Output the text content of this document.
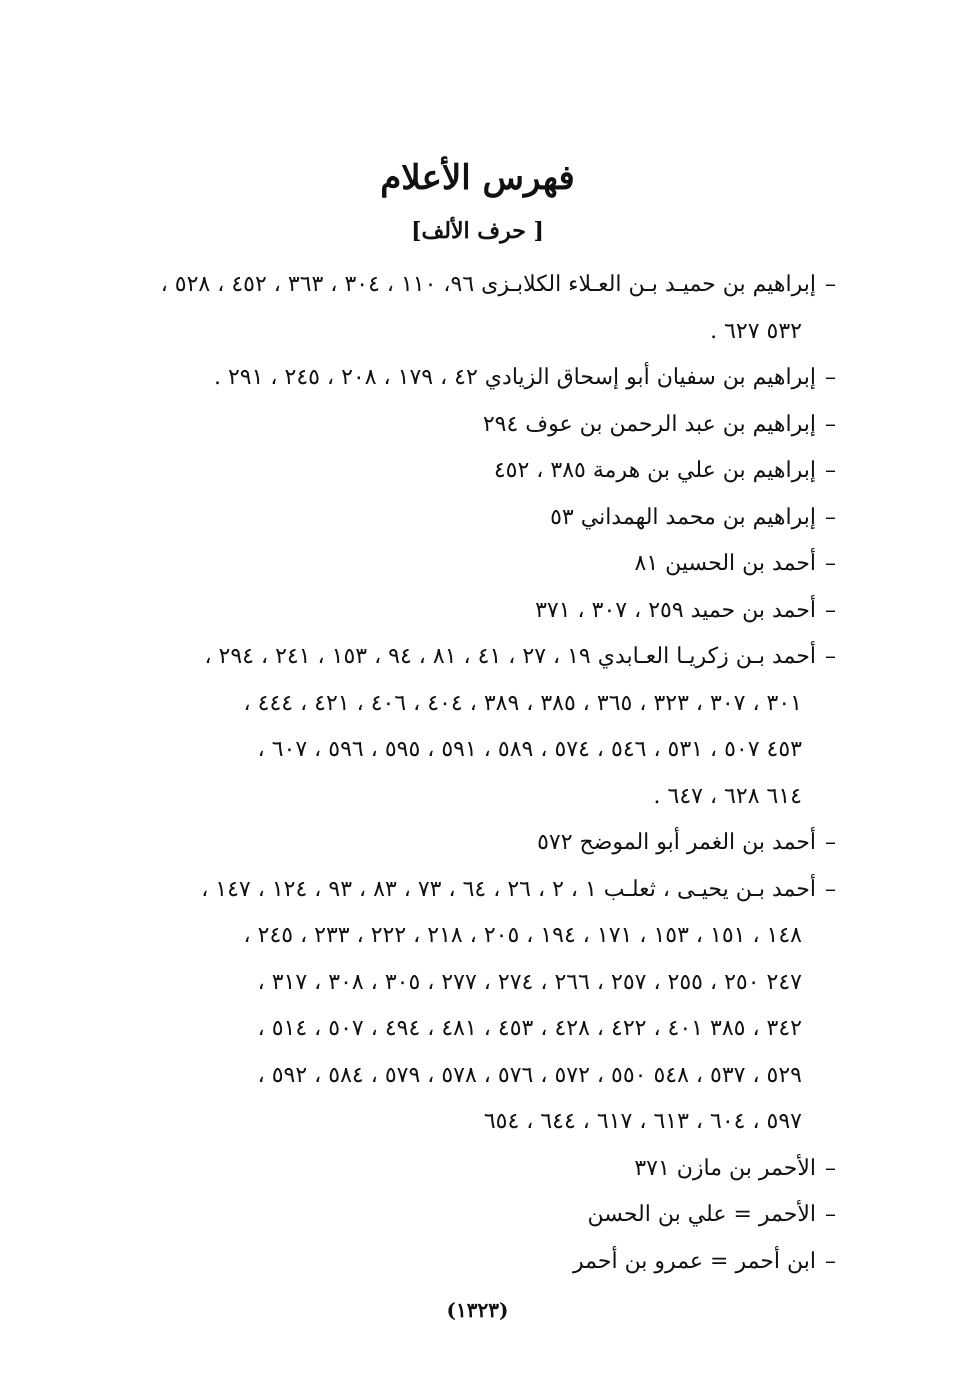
فهرس الأعلام
[ حرف الألف]
–
إبراهيم بن حميـد بـن العـلاء الكلابـزى ٩٦، ١١٠ ، ٣٠٤ ، ٣٦٣ ، ٤٥٢ ، ٥٢٨ ،
٥٣٢ ٦٢٧ .
–
إبراهيم بن سفيان أبو إسحاق الزيادي ٤٢ ، ١٧٩ ، ٢٠٨ ، ٢٤٥ ، ٢٩١ .
–
إبراهيم بن عبد الرحمن بن عوف ٢٩٤
–
إبراهيم بن علي بن هرمة ٣٨٥ ، ٤٥٢
–
إبراهيم بن محمد الهمداني ٥٣
–
أحمد بن الحسين ٨١
–
أحمد بن حميد ٢٥٩ ، ٣٠٧ ، ٣٧١
–
أحمد بـن زكريـا العـابدي ١٩ ، ٢٧ ، ٤١ ، ٨١ ، ٩٤ ، ١٥٣ ، ٢٤١ ، ٢٩٤ ،
٣٠١ ، ٣٠٧ ، ٣٢٣ ، ٣٦٥ ، ٣٨٥ ، ٣٨٩ ، ٤٠٤ ، ٤٠٦ ، ٤٢١ ، ٤٤٤ ،
٤٥٣ ٥٠٧ ، ٥٣١ ، ٥٤٦ ، ٥٧٤ ، ٥٨٩ ، ٥٩١ ، ٥٩٥ ، ٥٩٦ ، ٦٠٧ ،
٦١٤ ٦٢٨ ، ٦٤٧ .
–
أحمد بن الغمر أبو الموضح ٥٧٢
–
أحمد بـن يحيـى ، ثعلـب ١ ، ٢ ، ٢٦ ، ٦٤ ، ٧٣ ، ٨٣ ، ٩٣ ، ١٢٤ ، ١٤٧ ،
١٤٨ ، ١٥١ ، ١٥٣ ، ١٧١ ، ١٩٤ ، ٢٠٥ ، ٢١٨ ، ٢٢٢ ، ٢٣٣ ، ٢٤٥ ،
٢٤٧ ٢٥٠ ، ٢٥٥ ، ٢٥٧ ، ٢٦٦ ، ٢٧٤ ، ٢٧٧ ، ٣٠٥ ، ٣٠٨ ، ٣١٧ ،
٣٤٢ ، ٣٨٥ ٤٠١ ، ٤٢٢ ، ٤٢٨ ، ٤٥٣ ، ٤٨١ ، ٤٩٤ ، ٥٠٧ ، ٥١٤ ،
٥٢٩ ، ٥٣٧ ، ٥٤٨ ٥٥٠ ، ٥٧٢ ، ٥٧٦ ، ٥٧٨ ، ٥٧٩ ، ٥٨٤ ، ٥٩٢ ،
٥٩٧ ، ٦٠٤ ، ٦١٣ ، ٦١٧ ، ٦٤٤ ، ٦٥٤
–
الأحمر بن مازن ٣٧١
–
الأحمر = علي بن الحسن
–
ابن أحمر = عمرو بن أحمر
(١٣٢٣)
